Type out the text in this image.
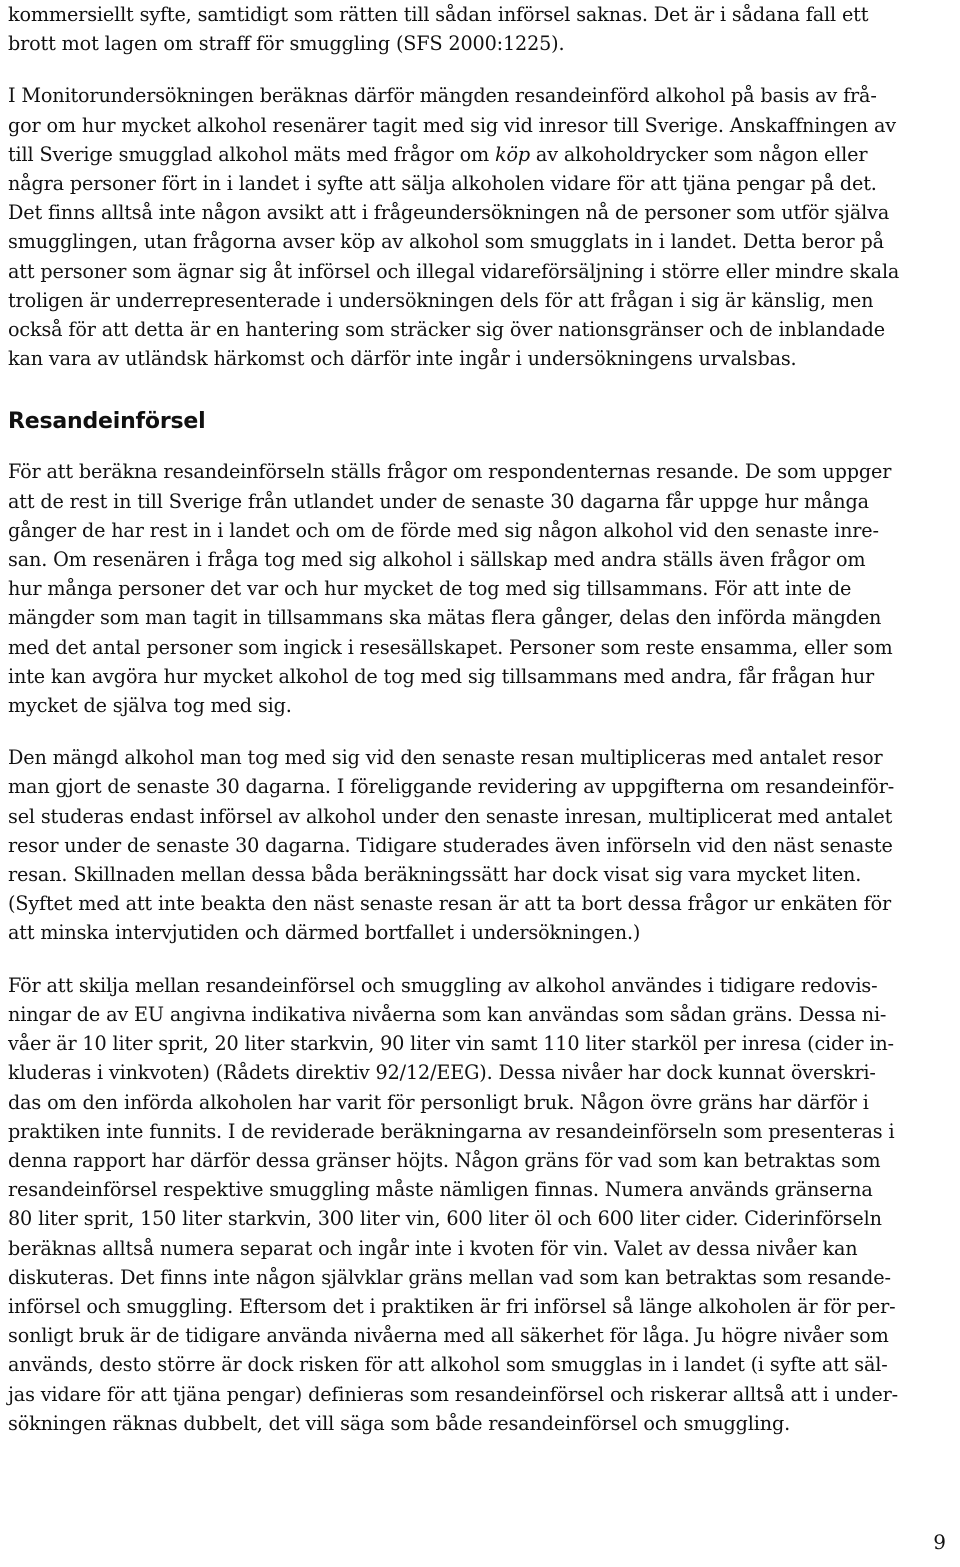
kommersiellt syfte, samtidigt som rätten till sådan införsel saknas. Det är i sådana fall ett
brott mot lagen om straff för smuggling (SFS 2000:1225).

I Monitorundersökningen beräknas därför mängden resandeinförd alkohol på basis av frå-
gor om hur mycket alkohol resenärer tagit med sig vid inresor till Sverige. Anskaffningen av
till Sverige smugglad alkohol mäts med frågor om köp av alkoholdrycker som någon eller
några personer fört in i landet i syfte att sälja alkoholen vidare för att tjäna pengar på det.
Det finns alltså inte någon avsikt att i frågeundersökningen nå de personer som utför själva
smugglingen, utan frågorna avser köp av alkohol som smugglats in i landet. Detta beror på
att personer som ägnar sig åt införsel och illegal vidareförsäljning i större eller mindre skala
troligen är underrepresenterade i undersökningen dels för att frågan i sig är känslig, men
också för att detta är en hantering som sträcker sig över nationsgränser och de inblandade
kan vara av utländsk härkomst och därför inte ingår i undersökningens urvalsbas.

Resandeinförsel

För att beräkna resandeinförseln ställs frågor om respondenternas resande. De som uppger
att de rest in till Sverige från utlandet under de senaste 30 dagarna får uppge hur många
gånger de har rest in i landet och om de förde med sig någon alkohol vid den senaste inre-
san. Om resenären i fråga tog med sig alkohol i sällskap med andra ställs även frågor om
hur många personer det var och hur mycket de tog med sig tillsammans. För att inte de
mängder som man tagit in tillsammans ska mätas flera gånger, delas den införda mängden
med det antal personer som ingick i resesällskapet. Personer som reste ensamma, eller som
inte kan avgöra hur mycket alkohol de tog med sig tillsammans med andra, får frågan hur
mycket de själva tog med sig.

Den mängd alkohol man tog med sig vid den senaste resan multipliceras med antalet resor
man gjort de senaste 30 dagarna. I föreliggande revidering av uppgifterna om resandeinför-
sel studeras endast införsel av alkohol under den senaste inresan, multiplicerat med antalet
resor under de senaste 30 dagarna. Tidigare studerades även införseln vid den näst senaste
resan. Skillnaden mellan dessa båda beräkningssätt har dock visat sig vara mycket liten.
(Syftet med att inte beakta den näst senaste resan är att ta bort dessa frågor ur enkäten för
att minska intervjutiden och därmed bortfallet i undersökningen.)

För att skilja mellan resandeinförsel och smuggling av alkohol användes i tidigare redovis-
ningar de av EU angivna indikativa nivåerna som kan användas som sådan gräns. Dessa ni-
våer är 10 liter sprit, 20 liter starkvin, 90 liter vin samt 110 liter starköl per inresa (cider in-
kluderas i vinkvoten) (Rådets direktiv 92/12/EEG). Dessa nivåer har dock kunnat överskri-
das om den införda alkoholen har varit för personligt bruk. Någon övre gräns har därför i
praktiken inte funnits. I de reviderade beräkningarna av resandeinförseln som presenteras i
denna rapport har därför dessa gränser höjts. Någon gräns för vad som kan betraktas som
resandeinförsel respektive smuggling måste nämligen finnas. Numera används gränserna
80 liter sprit, 150 liter starkvin, 300 liter vin, 600 liter öl och 600 liter cider. Ciderinförseln
beräknas alltså numera separat och ingår inte i kvoten för vin. Valet av dessa nivåer kan
diskuteras. Det finns inte någon självklar gräns mellan vad som kan betraktas som resande-
införsel och smuggling. Eftersom det i praktiken är fri införsel så länge alkoholen är för per-
sonligt bruk är de tidigare använda nivåerna med all säkerhet för låga. Ju högre nivåer som
används, desto större är dock risken för att alkohol som smugglas in i landet (i syfte att säl-
jas vidare för att tjäna pengar) definieras som resandeinförsel och riskerar alltså att i under-
sökningen räknas dubbelt, det vill säga som både resandeinförsel och smuggling.

9
